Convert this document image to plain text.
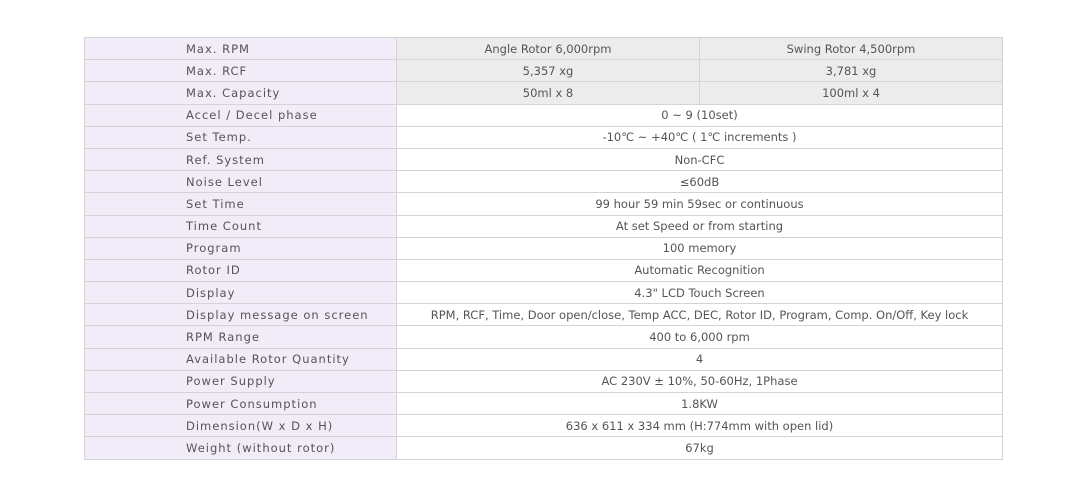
Max. RPM	Angle Rotor 6,000rpm	Swing Rotor 4,500rpm
Max. RCF	5,357 xg	3,781 xg
Max. Capacity	50ml x 8	100ml x 4
Accel / Decel phase	0 ~ 9 (10set)	
Set Temp.	-10℃ ~ +40℃ ( 1℃ increments )	
Ref. System	Non-CFC	
Noise Level	≤60dB	
Set Time	99 hour 59 min 59sec or continuous	
Time Count	At set Speed or from starting	
Program	100 memory	
Rotor ID	Automatic Recognition	
Display	4.3" LCD Touch Screen	
Display message on screen	RPM, RCF, Time, Door open/close, Temp ACC, DEC, Rotor ID, Program, Comp. On/Off, Key lock	
RPM Range	400 to 6,000 rpm	
Available Rotor Quantity	4	
Power Supply	AC 230V ± 10%, 50-60Hz, 1Phase	
Power Consumption	1.8KW	
Dimension(W x D x H)	636 x 611 x 334 mm (H:774mm with open lid)	
Weight (without rotor)	67kg	
